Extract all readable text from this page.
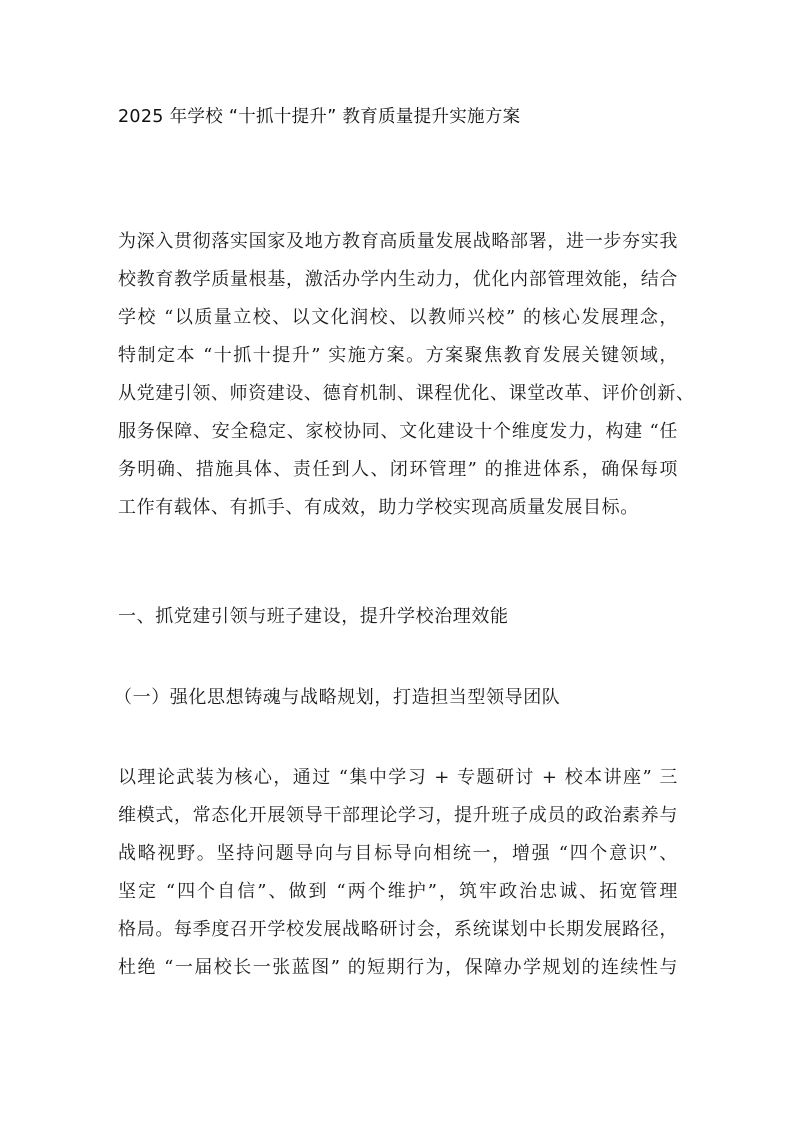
2025 年学校 “十抓十提升” 教育质量提升实施方案
为深入贯彻落实国家及地方教育高质量发展战略部署，进一步夯实我
校教育教学质量根基，激活办学内生动力，优化内部管理效能，结合
学校 “以质量立校、以文化润校、以教师兴校” 的核心发展理念，
特制定本 “十抓十提升” 实施方案。方案聚焦教育发展关键领域，
从党建引领、师资建设、德育机制、课程优化、课堂改革、评价创新、
服务保障、安全稳定、家校协同、文化建设十个维度发力，构建 “任
务明确、措施具体、责任到人、闭环管理” 的推进体系，确保每项
工作有载体、有抓手、有成效，助力学校实现高质量发展目标。
一、抓党建引领与班子建设，提升学校治理效能
（一）强化思想铸魂与战略规划，打造担当型领导团队
以理论武装为核心，通过 “集中学习 + 专题研讨 + 校本讲座” 三
维模式，常态化开展领导干部理论学习，提升班子成员的政治素养与
战略视野。坚持问题导向与目标导向相统一，增强 “四个意识”、
坚定 “四个自信”、做到 “两个维护”，筑牢政治忠诚、拓宽管理
格局。每季度召开学校发展战略研讨会，系统谋划中长期发展路径，
杜绝 “一届校长一张蓝图” 的短期行为，保障办学规划的连续性与
